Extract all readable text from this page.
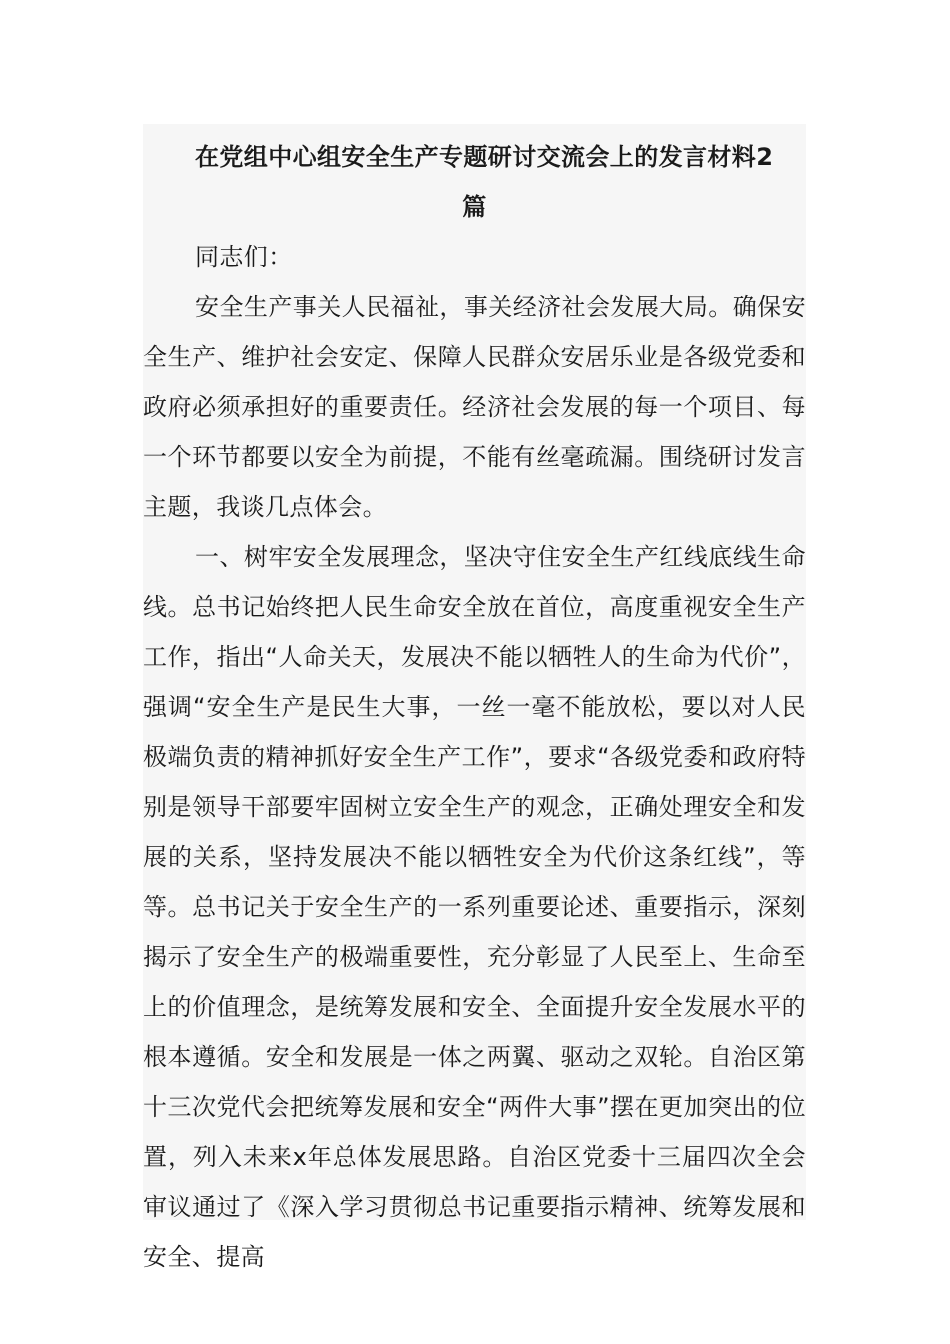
在党组中心组安全生产专题研讨交流会上的发言材料2
篇

同志们：

安全生产事关人民福祉，事关经济社会发展大局。确保安全生产、维护社会安定、保障人民群众安居乐业是各级党委和政府必须承担好的重要责任。经济社会发展的每一个项目、每一个环节都要以安全为前提，不能有丝毫疏漏。围绕研讨发言主题，我谈几点体会。

一、树牢安全发展理念，坚决守住安全生产红线底线生命线。总书记始终把人民生命安全放在首位，高度重视安全生产工作，指出“人命关天，发展决不能以牺牲人的生命为代价”，强调“安全生产是民生大事，一丝一毫不能放松，要以对人民极端负责的精神抓好安全生产工作”，要求“各级党委和政府特别是领导干部要牢固树立安全生产的观念，正确处理安全和发展的关系，坚持发展决不能以牺牲安全为代价这条红线”，等等。总书记关于安全生产的一系列重要论述、重要指示，深刻揭示了安全生产的极端重要性，充分彰显了人民至上、生命至上的价值理念，是统筹发展和安全、全面提升安全发展水平的根本遵循。安全和发展是一体之两翼、驱动之双轮。自治区第十三次党代会把统筹发展和安全“两件大事”摆在更加突出的位置，列入未来x年总体发展思路。自治区党委十三届四次全会审议通过了《深入学习贯彻总书记重要指示精神、统筹发展和安全、提高
